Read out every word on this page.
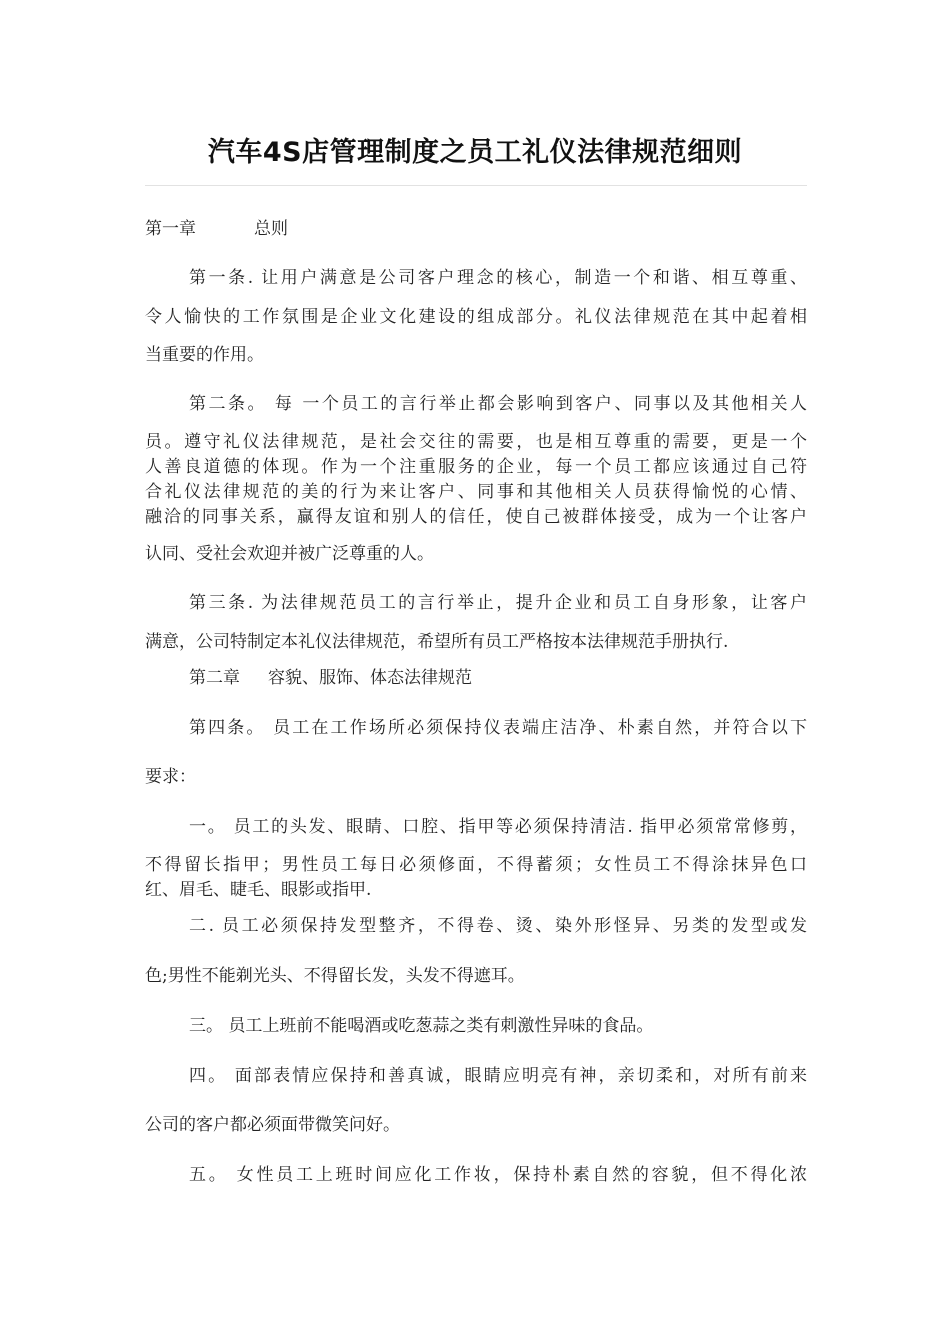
汽车4S店管理制度之员工礼仪法律规范细则
第一章	总则
第一条. 让用户满意是公司客户理念的核心，制造一个和谐、相互尊重、
令人愉快的工作氛围是企业文化建设的组成部分。礼仪法律规范在其中起着相
当重要的作用。
第二条。 每 一个员工的言行举止都会影响到客户、同事以及其他相关人
员。遵守礼仪法律规范，是社会交往的需要，也是相互尊重的需要，更是一个
人善良道德的体现。作为一个注重服务的企业，每一个员工都应该通过自己符
合礼仪法律规范的美的行为来让客户、同事和其他相关人员获得愉悦的心情、
融洽的同事关系，赢得友谊和别人的信任，使自己被群体接受，成为一个让客户
认同、受社会欢迎并被广泛尊重的人。
第三条. 为法律规范员工的言行举止，提升企业和员工自身形象，让客户
满意，公司特制定本礼仪法律规范，希望所有员工严格按本法律规范手册执行.
第二章 容貌、服饰、体态法律规范
第四条。 员工在工作场所必须保持仪表端庄洁净、朴素自然，并符合以下
要求：
一。 员工的头发、眼睛、口腔、指甲等必须保持清洁. 指甲必须常常修剪，
不得留长指甲；男性员工每日必须修面，不得蓄须；女性员工不得涂抹异色口
红、眉毛、睫毛、眼影或指甲.
二. 员工必须保持发型整齐，不得卷、烫、染外形怪异、另类的发型或发
色;男性不能剃光头、不得留长发，头发不得遮耳。
三。 员工上班前不能喝酒或吃葱蒜之类有刺激性异味的食品。
四。 面部表情应保持和善真诚，眼睛应明亮有神，亲切柔和，对所有前来
公司的客户都必须面带微笑问好。
五。 女性员工上班时间应化工作妆，保持朴素自然的容貌，但不得化浓
